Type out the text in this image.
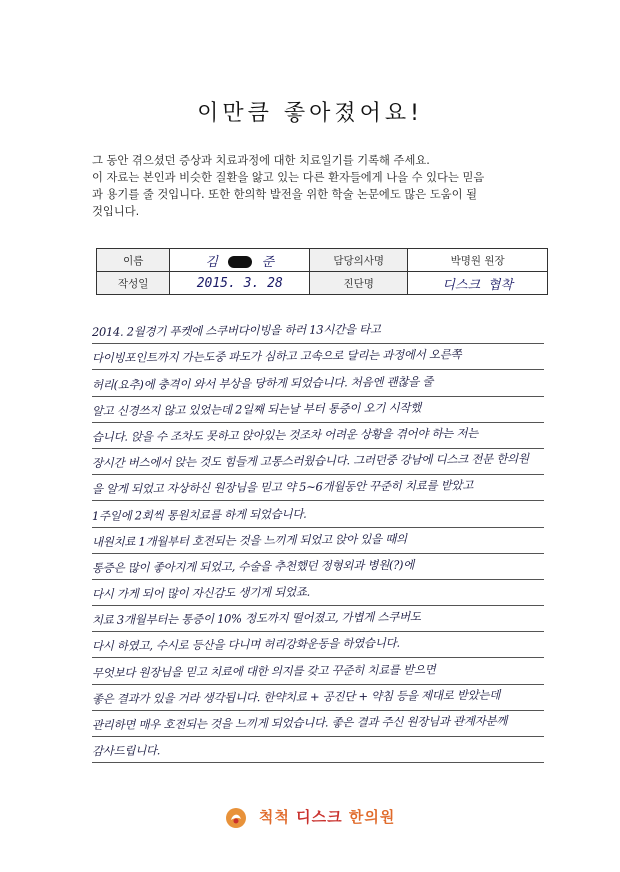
이만큼 좋아졌어요!

그 동안 겪으셨던 증상과 치료과정에 대한 치료일기를 기록해 주세요.

이 자료는 본인과 비슷한 질환을 앓고 있는 다른 환자들에게 나을 수 있다는 믿음

과 용기를 줄 것입니다. 또한 한의학 발전을 위한 학술 논문에도 많은 도움이 될

것입니다.

이름	김 준	담당의사명	박명원 원장
작성일	2015. 3. 28	진단명	디스크 협착
2014. 2월경기 푸켓에 스쿠버다이빙을 하러 13시간을 타고
다이빙포인트까지 가는도중 파도가 심하고 고속으로 달리는 과정에서 오른쪽
허리(요추)에 충격이 와서 부상을 당하게 되었습니다. 처음엔 괜찮을 줄
알고 신경쓰지 않고 있었는데 2일째 되는날 부터 통증이 오기 시작했
습니다. 앉을 수 조차도 못하고 앉아있는 것조차 어려운 상황을 겪어야 하는 저는
장시간 버스에서 앉는 것도 힘들게 고통스러웠습니다. 그러던중 강남에 디스크 전문 한의원
을 알게 되었고 자상하신 원장님을 믿고 약 5~6개월동안 꾸준히 치료를 받았고
1주일에 2회씩 통원치료를 하게 되었습니다.
내원치료 1개월부터 호전되는 것을 느끼게 되었고 앉아 있을 때의
통증은 많이 좋아지게 되었고, 수술을 추천했던 정형외과 병원(?)에
다시 가게 되어 많이 자신감도 생기게 되었죠.
치료 3개월부터는 통증이 10% 정도까지 떨어졌고, 가볍게 스쿠버도
다시 하였고, 수시로 등산을 다니며 허리강화운동을 하였습니다.
무엇보다 원장님을 믿고 치료에 대한 의지를 갖고 꾸준히 치료를 받으면
좋은 결과가 있을 거라 생각됩니다. 한약치료 + 공진단 + 약침 등을 제대로 받았는데
관리하면 매우 호전되는 것을 느끼게 되었습니다. 좋은 결과 주신 원장님과 관계자분께
감사드립니다.
척척 디스크 한의원
